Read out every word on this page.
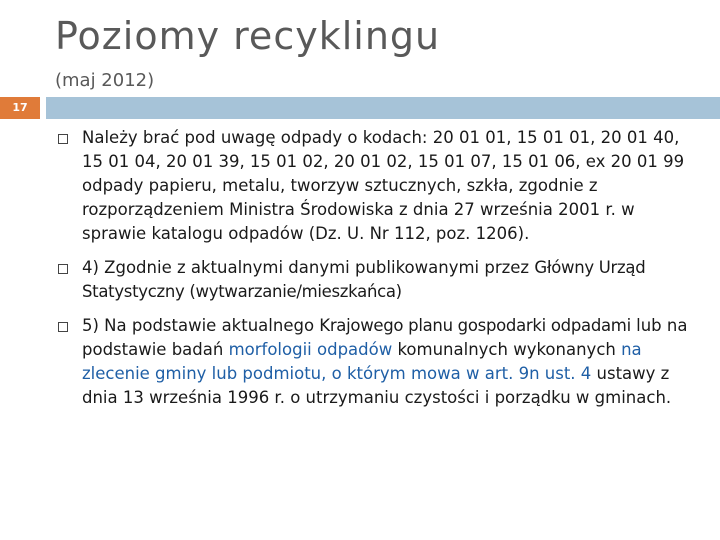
Poziomy recyklingu
(maj 2012)
17
Należy brać pod uwagę odpady o kodach: 20 01 01, 15 01 01, 20 01 40, 15 01 04, 20 01 39, 15 01 02, 20 01 02, 15 01 07, 15 01 06, ex 20 01 99 odpady papieru, metalu, tworzyw sztucznych, szkła, zgodnie z rozporządzeniem Ministra Środowiska z dnia 27 września 2001 r. w sprawie katalogu odpadów (Dz. U. Nr 112, poz. 1206).
4) Zgodnie z aktualnymi danymi publikowanymi przez Główny Urząd Statystyczny (wytwarzanie/mieszkańca)
5) Na podstawie aktualnego Krajowego planu gospodarki odpadami lub na podstawie badań morfologii odpadów komunalnych wykonanych na zlecenie gminy lub podmiotu, o którym mowa w art. 9n ust. 4 ustawy z dnia 13 września 1996 r. o utrzymaniu czystości i porządku w gminach.
